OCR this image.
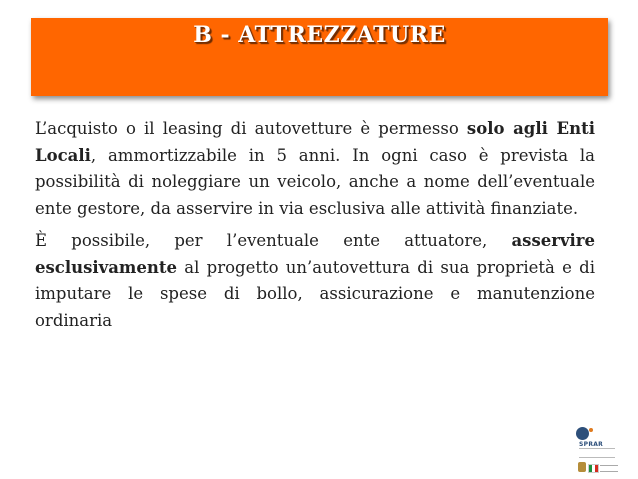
B - ATTREZZATURE

L’acquisto o il leasing di autovetture è permesso solo agli Enti Locali, ammortizzabile in 5 anni. In ogni caso è prevista la possibilità di noleggiare un veicolo, anche a nome dell’eventuale ente gestore, da asservire in via esclusiva alle attività finanziate.

È possibile, per l’eventuale ente attuatore, asservire esclusivamente al progetto un’autovettura di sua proprietà e di imputare le spese di bollo, assicurazione e manutenzione ordinaria

SPRAR
